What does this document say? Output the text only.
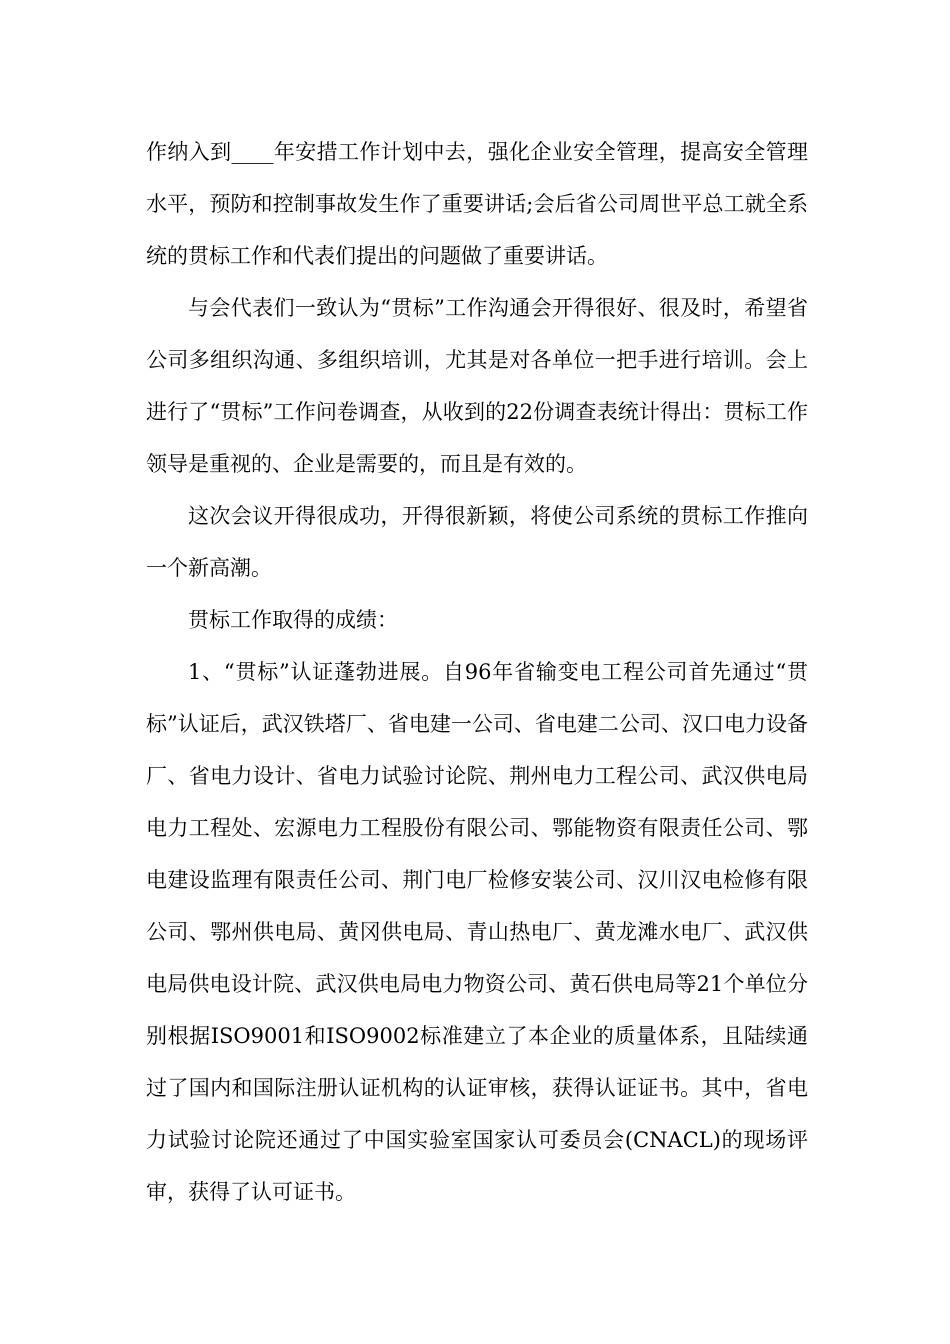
作纳入到____年安措工作计划中去，强化企业安全管理，提高安全管理水平，预防和控制事故发生作了重要讲话;会后省公司周世平总工就全系统的贯标工作和代表们提出的问题做了重要讲话。

与会代表们一致认为“贯标”工作沟通会开得很好、很及时，希望省公司多组织沟通、多组织培训，尤其是对各单位一把手进行培训。会上进行了“贯标”工作问卷调查，从收到的22份调查表统计得出：贯标工作领导是重视的、企业是需要的，而且是有效的。

这次会议开得很成功，开得很新颖，将使公司系统的贯标工作推向一个新高潮。

贯标工作取得的成绩：

1、“贯标”认证蓬勃进展。自96年省输变电工程公司首先通过“贯标”认证后，武汉铁塔厂、省电建一公司、省电建二公司、汉口电力设备厂、省电力设计、省电力试验讨论院、荆州电力工程公司、武汉供电局电力工程处、宏源电力工程股份有限公司、鄂能物资有限责任公司、鄂电建设监理有限责任公司、荆门电厂检修安装公司、汉川汉电检修有限公司、鄂州供电局、黄冈供电局、青山热电厂、黄龙滩水电厂、武汉供电局供电设计院、武汉供电局电力物资公司、黄石供电局等21个单位分别根据ISO9001和ISO9002标准建立了本企业的质量体系，且陆续通过了国内和国际注册认证机构的认证审核，获得认证证书。其中，省电力试验讨论院还通过了中国实验室国家认可委员会(CNACL)的现场评审，获得了认可证书。
